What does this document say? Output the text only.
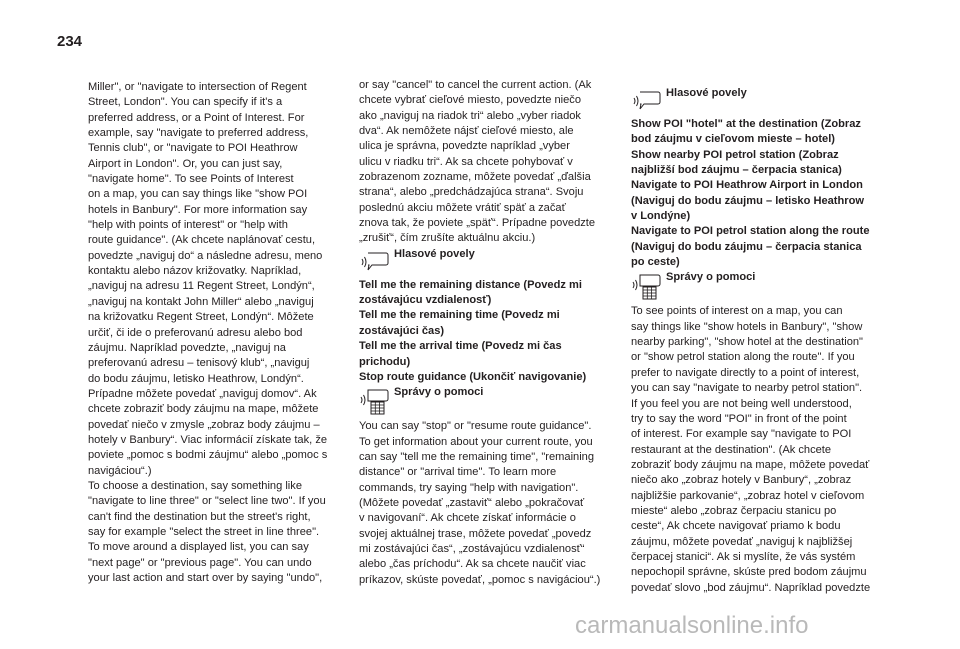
234

Miller", or "navigate to intersection of Regent
Street, London". You can specify if it's a
preferred address, or a Point of Interest. For
example, say "navigate to preferred address,
Tennis club", or "navigate to POI Heathrow
Airport in London". Or, you can just say,
"navigate home". To see Points of Interest
on a map, you can say things like "show POI
hotels in Banbury". For more information say
"help with points of interest" or "help with
route guidance". (Ak chcete naplánovať cestu,
povedzte „naviguj do“ a následne adresu, meno
kontaktu alebo názov križovatky. Napríklad,
„naviguj na adresu 11 Regent Street, Londýn“,
„naviguj na kontakt John Miller“ alebo „naviguj
na križovatku Regent Street, Londýn“. Môžete
určiť, či ide o preferovanú adresu alebo bod
záujmu. Napríklad povedzte, „naviguj na
preferovanú adresu – tenisový klub“, „naviguj
do bodu záujmu, letisko Heathrow, Londýn“.
Prípadne môžete povedať „naviguj domov“. Ak
chcete zobraziť body záujmu na mape, môžete
povedať niečo v zmysle „zobraz body záujmu –
hotely v Banbury“. Viac informácií získate tak, že
poviete „pomoc s bodmi záujmu“ alebo „pomoc s
navigáciou“.)
To choose a destination, say something like
"navigate to line three" or "select line two". If you
can't find the destination but the street's right,
say for example "select the street in line three".
To move around a displayed list, you can say
"next page" or "previous page". You can undo
your last action and start over by saying "undo",

or say "cancel" to cancel the current action. (Ak
chcete vybrať cieľové miesto, povedzte niečo
ako „naviguj na riadok tri“ alebo „vyber riadok
dva“. Ak nemôžete nájsť cieľové miesto, ale
ulica je správna, povedzte napríklad „vyber
ulicu v riadku tri“. Ak sa chcete pohybovať v
zobrazenom zozname, môžete povedať „ďalšia
strana“, alebo „predchádzajúca strana“. Svoju
poslednú akciu môžete vrátiť späť a začať
znova tak, že poviete „späť“. Prípadne povedzte
„zrušiť“, čím zrušíte aktuálnu akciu.)

Hlasové povely

Tell me the remaining distance (Povedz mi
zostávajúcu vzdialenosť)
Tell me the remaining time (Povedz mi
zostávajúci čas)
Tell me the arrival time (Povedz mi čas
prichodu)
Stop route guidance (Ukončiť navigovanie)

Správy o pomoci

You can say "stop" or "resume route guidance".
To get information about your current route, you
can say "tell me the remaining time", "remaining
distance" or "arrival time". To learn more
commands, try saying "help with navigation".
(Môžete povedať „zastaviť“ alebo „pokračovať
v navigovaní“. Ak chcete získať informácie o
svojej aktuálnej trase, môžete povedať „povedz
mi zostávajúci čas“, „zostávajúcu vzdialenosť“
alebo „čas príchodu“. Ak sa chcete naučiť viac
príkazov, skúste povedať, „pomoc s navigáciou“.)

Hlasové povely

Show POI "hotel" at the destination (Zobraz
bod záujmu v cieľovom mieste – hotel)
Show nearby POI petrol station (Zobraz
najbližší bod záujmu – čerpacia stanica)
Navigate to POI Heathrow Airport in London
(Naviguj do bodu záujmu – letisko Heathrow
v Londýne)
Navigate to POI petrol station along the route
(Naviguj do bodu záujmu – čerpacia stanica
po ceste)

Správy o pomoci

To see points of interest on a map, you can
say things like "show hotels in Banbury", "show
nearby parking", "show hotel at the destination"
or "show petrol station along the route". If you
prefer to navigate directly to a point of interest,
you can say "navigate to nearby petrol station".
If you feel you are not being well understood,
try to say the word "POI" in front of the point
of interest. For example say "navigate to POI
restaurant at the destination". (Ak chcete
zobraziť body záujmu na mape, môžete povedať
niečo ako „zobraz hotely v Banbury“, „zobraz
najbližšie parkovanie“, „zobraz hotel v cieľovom
mieste“ alebo „zobraz čerpaciu stanicu po
ceste“, Ak chcete navigovať priamo k bodu
záujmu, môžete povedať „naviguj k najbližšej
čerpacej stanici“. Ak si myslíte, že vás systém
nepochopil správne, skúste pred bodom záujmu
povedať slovo „bod záujmu“. Napríklad povedzte

carmanualsonline.info
